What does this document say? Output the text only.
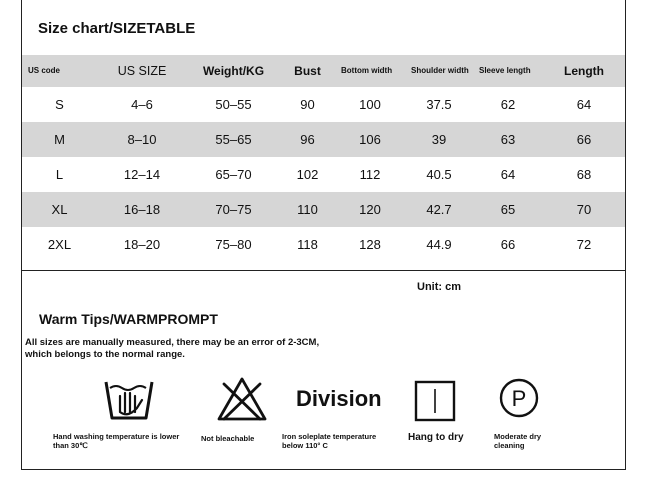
Size chart/SIZETABLE
US code	US SIZE	Weight/KG	Bust	Bottom width	Shoulder width	Sleeve length	Length
S	4–6	50–55	90	100	37.5	62	64
M	8–10	55–65	96	106	39	63	66
L	12–14	65–70	102	112	40.5	64	68
XL	16–18	70–75	110	120	42.7	65	70
2XL	18–20	75–80	118	128	44.9	66	72
Unit: cm
Warm Tips/WARMPROMPT
All sizes are manually measured, there may be an error of 2-3CM,
which belongs to the normal range.
Hand washing temperature is lower
than 30℃
Not bleachable
Division
Iron soleplate temperature
below 110° C
Hang to dry
P
Moderate dry
cleaning
